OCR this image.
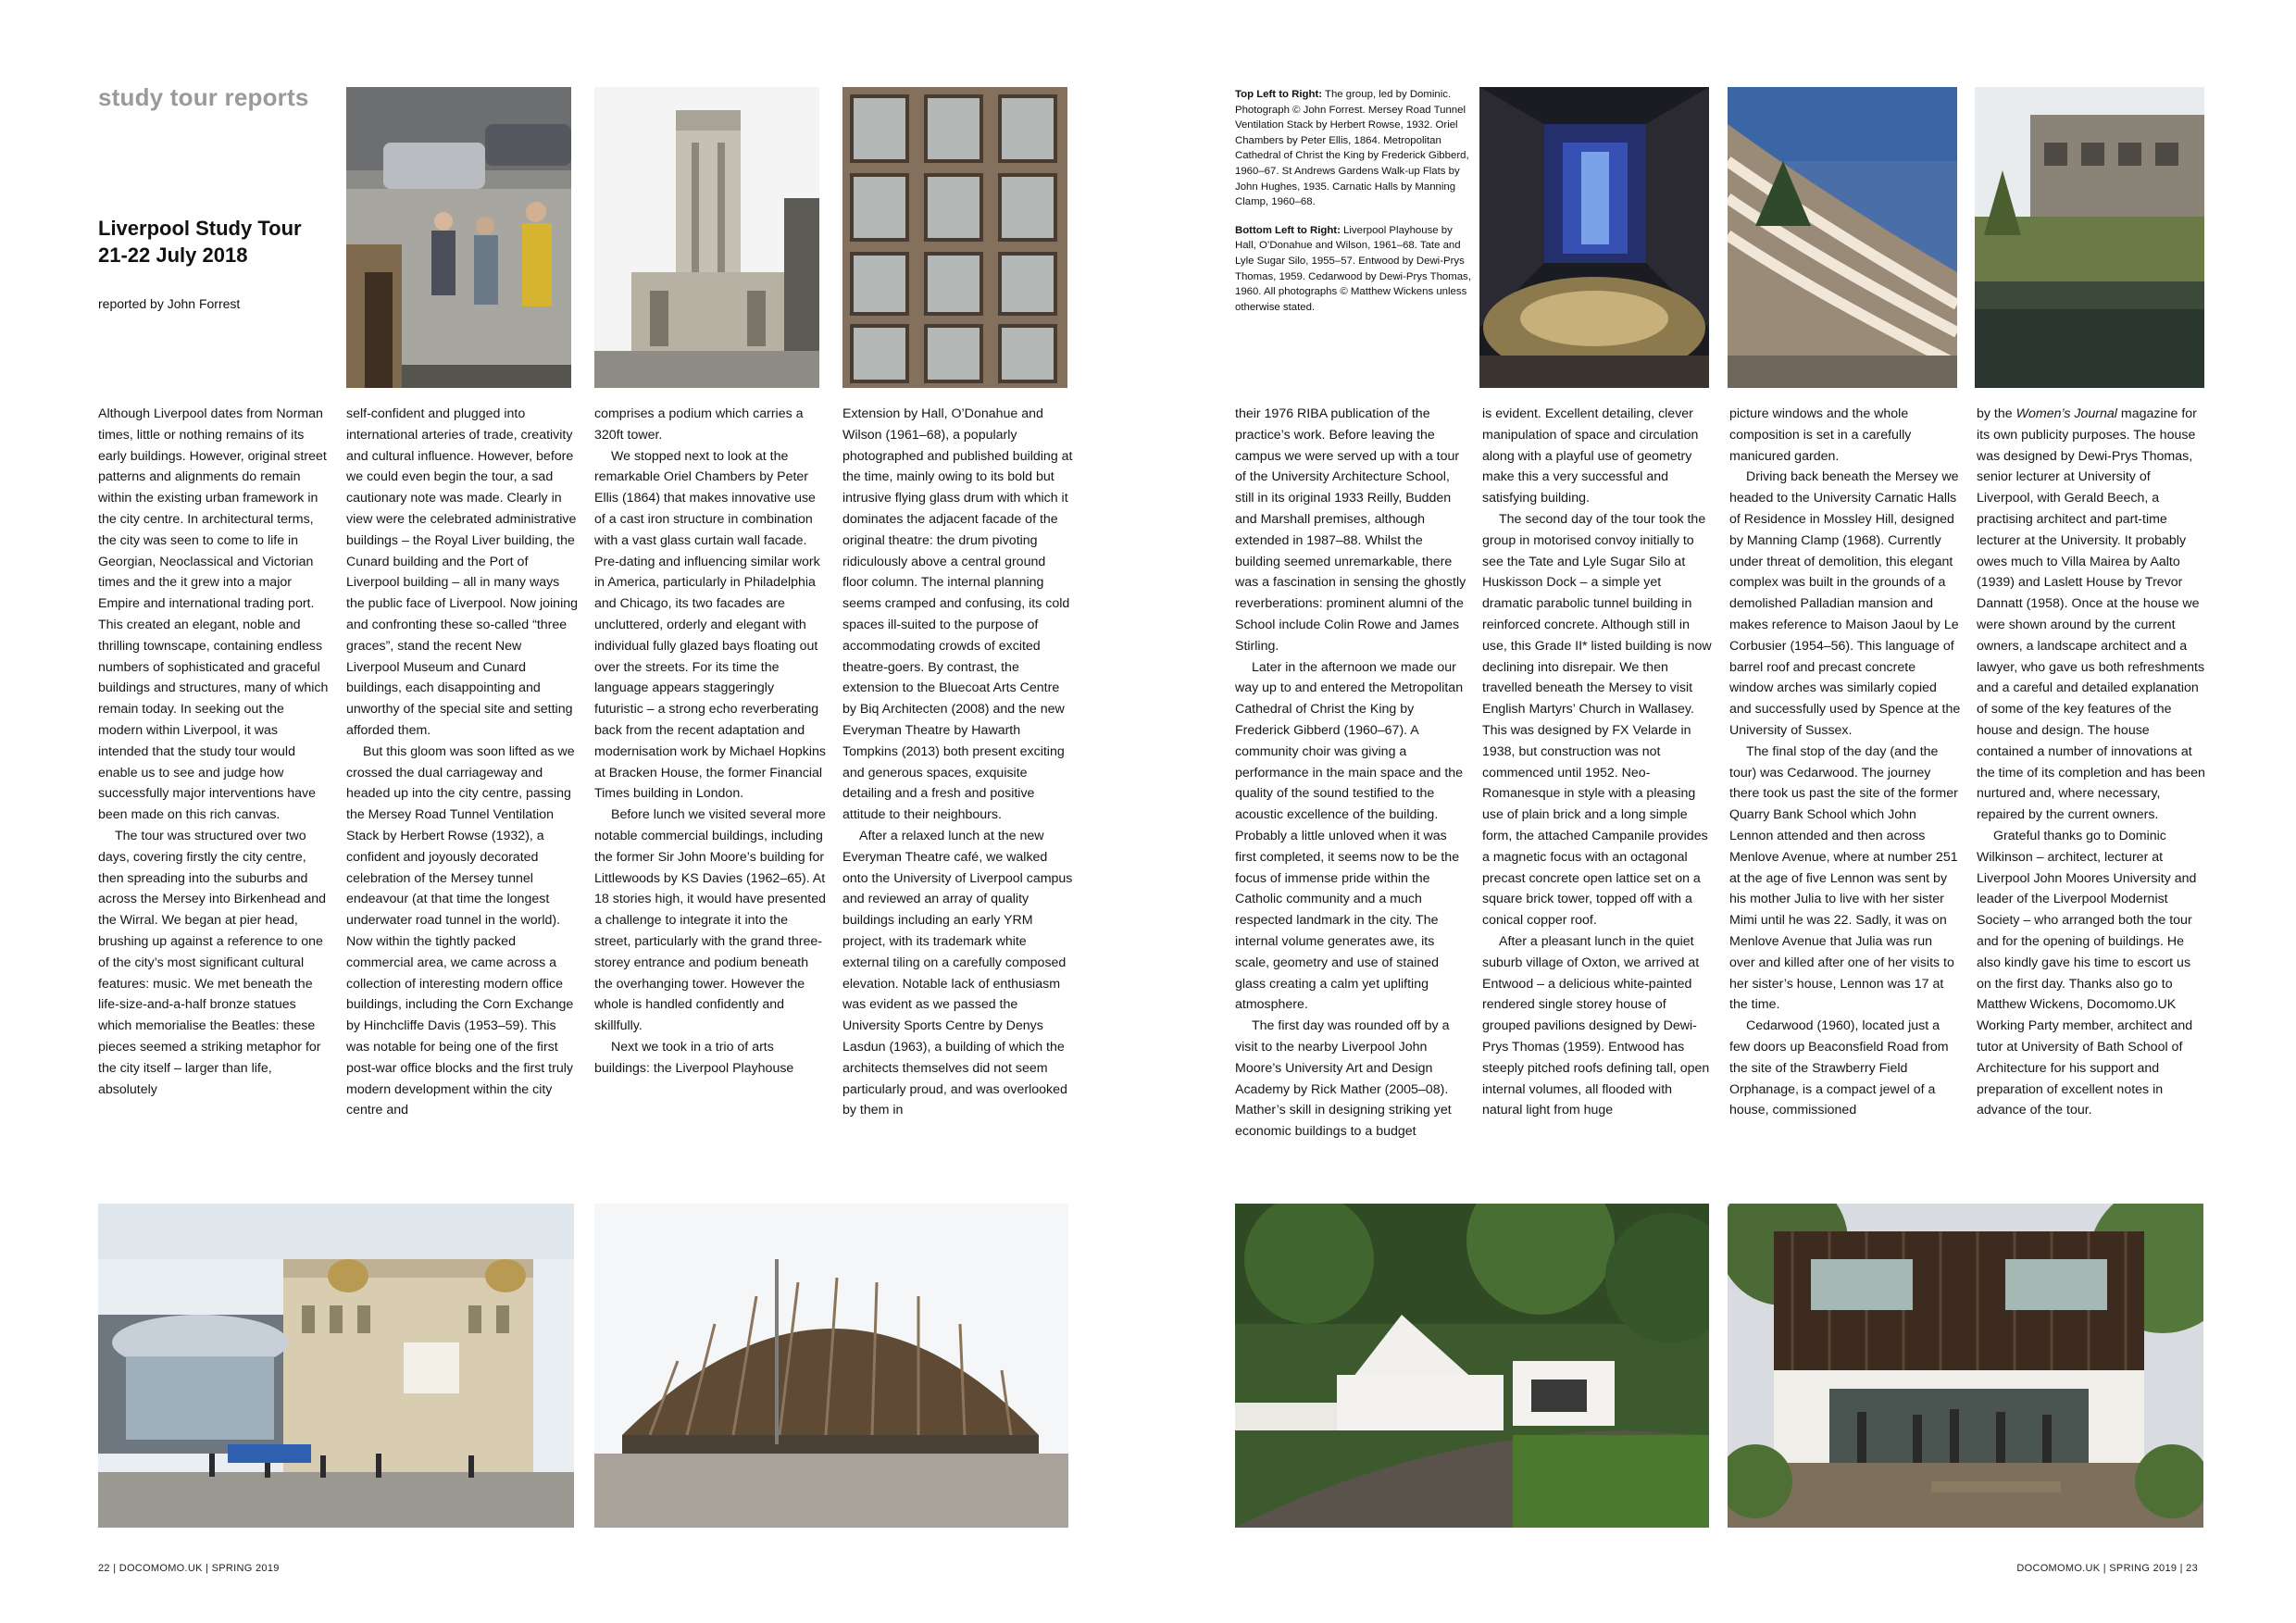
study tour reports
Liverpool Study Tour
21-22 July 2018
reported by John Forrest

Top Left to Right: The group, led by Dominic. Photograph © John Forrest. Mersey Road Tunnel Ventilation Stack by Herbert Rowse, 1932. Oriel Chambers by Peter Ellis, 1864. Metropolitan Cathedral of Christ the King by Frederick Gibberd, 1960–67. St Andrews Gardens Walk-up Flats by John Hughes, 1935. Carnatic Halls by Manning Clamp, 1960–68.

Bottom Left to Right: Liverpool Playhouse by Hall, O’Donahue and Wilson, 1961–68. Tate and Lyle Sugar Silo, 1955–57. Entwood by Dewi-Prys Thomas, 1959. Cedarwood by Dewi-Prys Thomas, 1960. All photographs © Matthew Wickens unless otherwise stated.

Although Liverpool dates from Norman times, little or nothing remains of its early buildings. However, original street patterns and alignments do remain within the existing urban framework in the city centre. In architectural terms, the city was seen to come to life in Georgian, Neoclassical and Victorian times and the it grew into a major Empire and international trading port. This created an elegant, noble and thrilling townscape, containing endless numbers of sophisticated and graceful buildings and structures, many of which remain today. In seeking out the modern within Liverpool, it was intended that the study tour would enable us to see and judge how successfully major interventions have been made on this rich canvas.

The tour was structured over two days, covering firstly the city centre, then spreading into the suburbs and across the Mersey into Birkenhead and the Wirral. We began at pier head, brushing up against a reference to one of the city’s most significant cultural features: music. We met beneath the life-size-and-a-half bronze statues which memorialise the Beatles: these pieces seemed a striking metaphor for the city itself – larger than life, absolutely

self-confident and plugged into international arteries of trade, creativity and cultural influence. However, before we could even begin the tour, a sad cautionary note was made. Clearly in view were the celebrated administrative buildings – the Royal Liver building, the Cunard building and the Port of Liverpool building – all in many ways the public face of Liverpool. Now joining and confronting these so-called “three graces”, stand the recent New Liverpool Museum and Cunard buildings, each disappointing and unworthy of the special site and setting afforded them.

But this gloom was soon lifted as we crossed the dual carriageway and headed up into the city centre, passing the Mersey Road Tunnel Ventilation Stack by Herbert Rowse (1932), a confident and joyously decorated celebration of the Mersey tunnel endeavour (at that time the longest underwater road tunnel in the world). Now within the tightly packed commercial area, we came across a collection of interesting modern office buildings, including the Corn Exchange by Hinchcliffe Davis (1953–59). This was notable for being one of the first post-war office blocks and the first truly modern development within the city centre and

comprises a podium which carries a 320ft tower.

We stopped next to look at the remarkable Oriel Chambers by Peter Ellis (1864) that makes innovative use of a cast iron structure in combination with a vast glass curtain wall facade. Pre-dating and influencing similar work in America, particularly in Philadelphia and Chicago, its two facades are uncluttered, orderly and elegant with individual fully glazed bays floating out over the streets. For its time the language appears staggeringly futuristic – a strong echo reverberating back from the recent adaptation and modernisation work by Michael Hopkins at Bracken House, the former Financial Times building in London.

Before lunch we visited several more notable commercial buildings, including the former Sir John Moore’s building for Littlewoods by KS Davies (1962–65). At 18 stories high, it would have presented a challenge to integrate it into the street, particularly with the grand three-storey entrance and podium beneath the overhanging tower. However the whole is handled confidently and skillfully.

Next we took in a trio of arts buildings: the Liverpool Playhouse

Extension by Hall, O’Donahue and Wilson (1961–68), a popularly photographed and published building at the time, mainly owing to its bold but intrusive flying glass drum with which it dominates the adjacent facade of the original theatre: the drum pivoting ridiculously above a central ground floor column. The internal planning seems cramped and confusing, its cold spaces ill-suited to the purpose of accommodating crowds of excited theatre-goers. By contrast, the extension to the Bluecoat Arts Centre by Biq Architecten (2008) and the new Everyman Theatre by Hawarth Tompkins (2013) both present exciting and generous spaces, exquisite detailing and a fresh and positive attitude to their neighbours.

After a relaxed lunch at the new Everyman Theatre café, we walked onto the University of Liverpool campus and reviewed an array of quality buildings including an early YRM project, with its trademark white external tiling on a carefully composed elevation. Notable lack of enthusiasm was evident as we passed the University Sports Centre by Denys Lasdun (1963), a building of which the architects themselves did not seem particularly proud, and was overlooked by them in

their 1976 RIBA publication of the practice’s work. Before leaving the campus we were served up with a tour of the University Architecture School, still in its original 1933 Reilly, Budden and Marshall premises, although extended in 1987–88. Whilst the building seemed unremarkable, there was a fascination in sensing the ghostly reverberations: prominent alumni of the School include Colin Rowe and James Stirling.

Later in the afternoon we made our way up to and entered the Metropolitan Cathedral of Christ the King by Frederick Gibberd (1960–67). A community choir was giving a performance in the main space and the quality of the sound testified to the acoustic excellence of the building. Probably a little unloved when it was first completed, it seems now to be the focus of immense pride within the Catholic community and a much respected landmark in the city. The internal volume generates awe, its scale, geometry and use of stained glass creating a calm yet uplifting atmosphere.

The first day was rounded off by a visit to the nearby Liverpool John Moore’s University Art and Design Academy by Rick Mather (2005–08). Mather’s skill in designing striking yet economic buildings to a budget

is evident. Excellent detailing, clever manipulation of space and circulation along with a playful use of geometry make this a very successful and satisfying building.

The second day of the tour took the group in motorised convoy initially to see the Tate and Lyle Sugar Silo at Huskisson Dock – a simple yet dramatic parabolic tunnel building in reinforced concrete. Although still in use, this Grade II* listed building is now declining into disrepair. We then travelled beneath the Mersey to visit English Martyrs’ Church in Wallasey. This was designed by FX Velarde in 1938, but construction was not commenced until 1952. Neo-Romanesque in style with a pleasing use of plain brick and a long simple form, the attached Campanile provides a magnetic focus with an octagonal precast concrete open lattice set on a square brick tower, topped off with a conical copper roof.

After a pleasant lunch in the quiet suburb village of Oxton, we arrived at Entwood – a delicious white-painted rendered single storey house of grouped pavilions designed by Dewi-Prys Thomas (1959). Entwood has steeply pitched roofs defining tall, open internal volumes, all flooded with natural light from huge

picture windows and the whole composition is set in a carefully manicured garden.

Driving back beneath the Mersey we headed to the University Carnatic Halls of Residence in Mossley Hill, designed by Manning Clamp (1968). Currently under threat of demolition, this elegant complex was built in the grounds of a demolished Palladian mansion and makes reference to Maison Jaoul by Le Corbusier (1954–56). This language of barrel roof and precast concrete window arches was similarly copied and successfully used by Spence at the University of Sussex.

The final stop of the day (and the tour) was Cedarwood. The journey there took us past the site of the former Quarry Bank School which John Lennon attended and then across Menlove Avenue, where at number 251 at the age of five Lennon was sent by his mother Julia to live with her sister Mimi until he was 22. Sadly, it was on Menlove Avenue that Julia was run over and killed after one of her visits to her sister’s house, Lennon was 17 at the time.

Cedarwood (1960), located just a few doors up Beaconsfield Road from the site of the Strawberry Field Orphanage, is a compact jewel of a house, commissioned

by the Women’s Journal magazine for its own publicity purposes. The house was designed by Dewi-Prys Thomas, senior lecturer at University of Liverpool, with Gerald Beech, a practising architect and part-time lecturer at the University. It probably owes much to Villa Mairea by Aalto (1939) and Laslett House by Trevor Dannatt (1958). Once at the house we were shown around by the current owners, a landscape architect and a lawyer, who gave us both refreshments and a careful and detailed explanation of some of the key features of the house and design. The house contained a number of innovations at the time of its completion and has been nurtured and, where necessary, repaired by the current owners.

Grateful thanks go to Dominic Wilkinson – architect, lecturer at Liverpool John Moores University and leader of the Liverpool Modernist Society – who arranged both the tour and for the opening of buildings. He also kindly gave his time to escort us on the first day. Thanks also go to Matthew Wickens, Docomomo.UK Working Party member, architect and tutor at University of Bath School of Architecture for his support and preparation of excellent notes in advance of the tour.

22 | DOCOMOMO.UK | SPRING 2019	DOCOMOMO.UK | SPRING 2019 | 23
